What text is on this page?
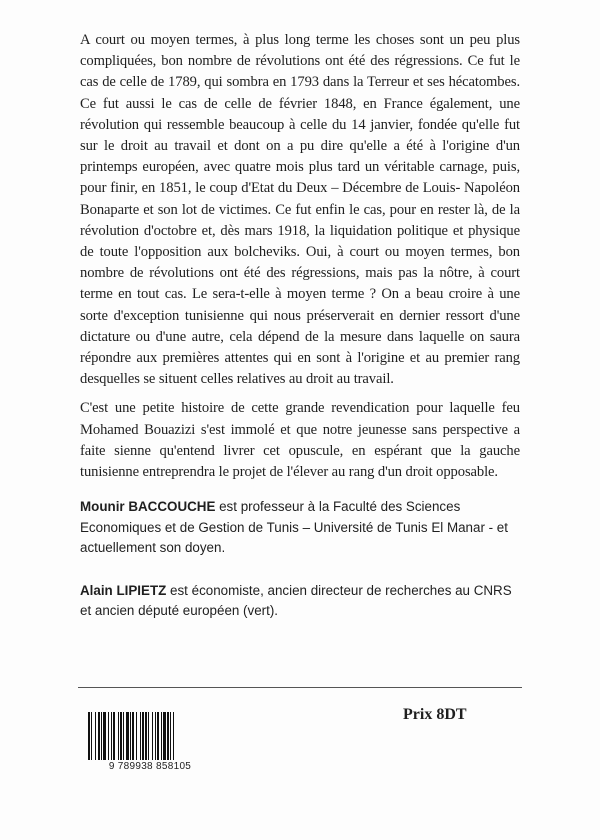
A court ou moyen termes, à plus long terme les choses sont un peu plus compliquées, bon nombre de révolutions ont été des régressions. Ce fut le cas de celle de 1789, qui sombra en 1793 dans la Terreur et ses hécatombes. Ce fut aussi le cas de celle de février 1848, en France également, une révolution qui ressemble beaucoup à celle du 14 janvier, fondée qu'elle fut sur le droit au travail et dont on a pu dire qu'elle a été à l'origine d'un printemps européen, avec quatre mois plus tard un véritable carnage, puis, pour finir, en 1851, le coup d'Etat du Deux – Décembre de Louis- Napoléon Bonaparte et son lot de victimes. Ce fut enfin le cas, pour en rester là, de la révolution d'octobre et, dès mars 1918, la liquidation politique et physique de toute l'opposition aux bolcheviks. Oui, à court ou moyen termes, bon nombre de révolutions ont été des régressions, mais pas la nôtre, à court terme en tout cas. Le sera-t-elle à moyen terme ? On a beau croire à une sorte d'exception tunisienne qui nous préserverait en dernier ressort d'une dictature ou d'une autre, cela dépend de la mesure dans laquelle on saura répondre aux premières attentes qui en sont à l'origine et au premier rang desquelles se situent celles relatives au droit au travail.

C'est une petite histoire de cette grande revendication pour laquelle feu Mohamed Bouazizi s'est immolé et que notre jeunesse sans perspective a faite sienne qu'entend livrer cet opuscule, en espérant que la gauche tunisienne entreprendra le projet de l'élever au rang d'un droit opposable.

Mounir BACCOUCHE est professeur à la Faculté des Sciences Economiques et de Gestion de Tunis – Université de Tunis El Manar - et actuellement son doyen.

Alain LIPIETZ est économiste, ancien directeur de recherches au CNRS et ancien député européen (vert).

9 789938 858105
Prix 8DT
